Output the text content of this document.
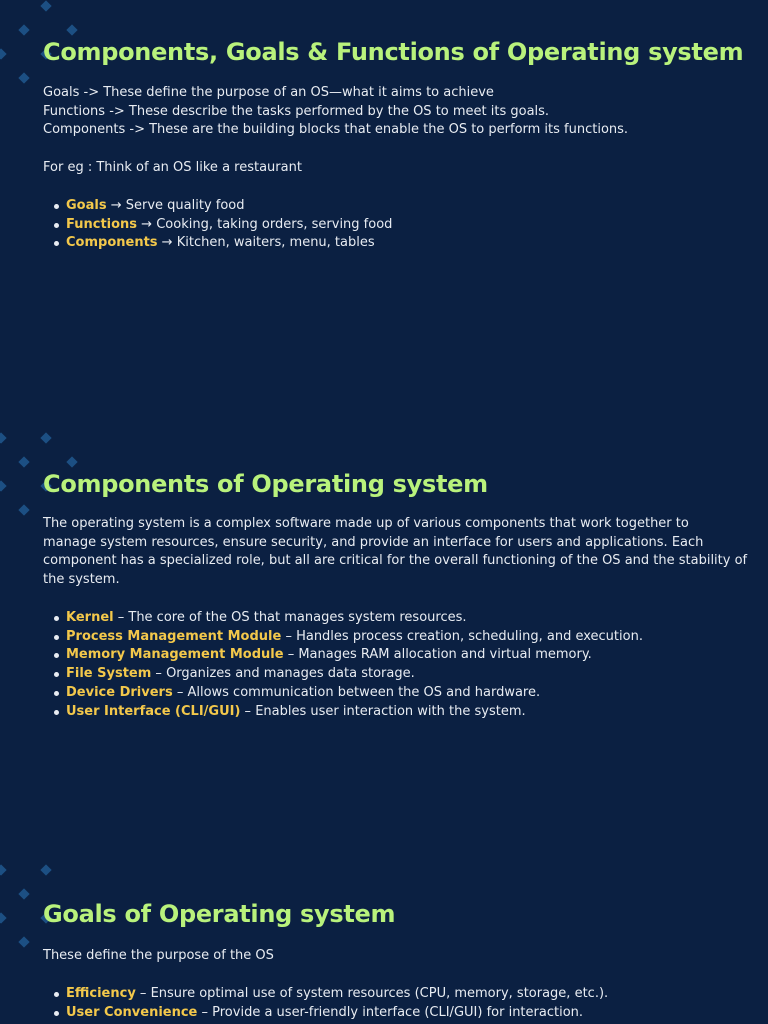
Components, Goals & Functions of Operating system
Goals -> These define the purpose of an OS—what it aims to achieve
Functions -> These describe the tasks performed by the OS to meet its goals.
Components -> These are the building blocks that enable the OS to perform its functions.
For eg : Think of an OS like a restaurant
Goals → Serve quality food
Functions → Cooking, taking orders, serving food
Components → Kitchen, waiters, menu, tables
Components of Operating system
The operating system is a complex software made up of various components that work together to
manage system resources, ensure security, and provide an interface for users and applications. Each
component has a specialized role, but all are critical for the overall functioning of the OS and the stability of
the system.
Kernel – The core of the OS that manages system resources.
Process Management Module – Handles process creation, scheduling, and execution.
Memory Management Module – Manages RAM allocation and virtual memory.
File System – Organizes and manages data storage.
Device Drivers – Allows communication between the OS and hardware.
User Interface (CLI/GUI) – Enables user interaction with the system.
Goals of Operating system
These define the purpose of the OS
Efficiency – Ensure optimal use of system resources (CPU, memory, storage, etc.).
User Convenience – Provide a user-friendly interface (CLI/GUI) for interaction.
